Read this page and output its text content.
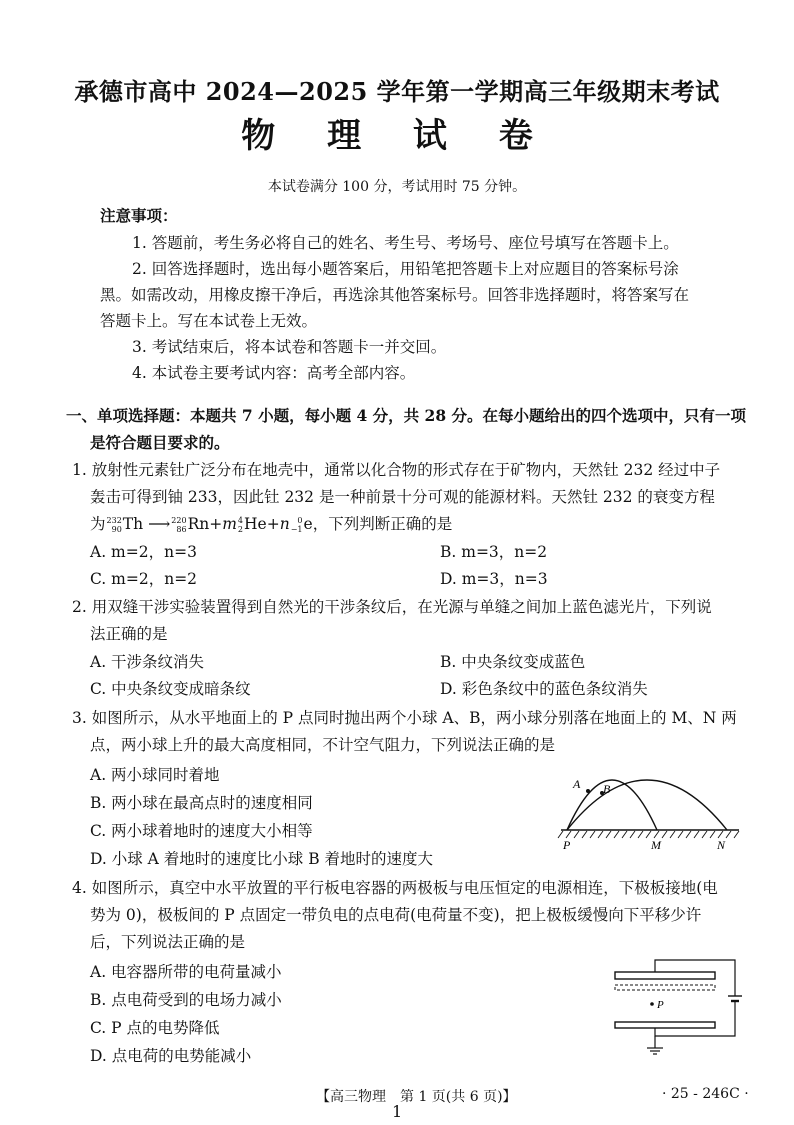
承德市高中 2024—2025 学年第一学期高三年级期末考试
物 理 试 卷
本试卷满分 100 分，考试用时 75 分钟。
注意事项：
1. 答题前，考生务必将自己的姓名、考生号、考场号、座位号填写在答题卡上。
2. 回答选择题时，选出每小题答案后，用铅笔把答题卡上对应题目的答案标号涂
黑。如需改动，用橡皮擦干净后，再选涂其他答案标号。回答非选择题时，将答案写在
答题卡上。写在本试卷上无效。
3. 考试结束后，将本试卷和答题卡一并交回。
4. 本试卷主要考试内容：高考全部内容。
一、单项选择题：本题共 7 小题，每小题 4 分，共 28 分。在每小题给出的四个选项中，只有一项
是符合题目要求的。
1. 放射性元素钍广泛分布在地壳中，通常以化合物的形式存在于矿物内，天然钍 232 经过中子
轰击可得到铀 233，因此钍 232 是一种前景十分可观的能源材料。天然钍 232 的衰变方程
为 232
90 Th ⟶ 220
86 Rn+m 4
2 He+n 0
−1 e，下列判断正确的是
A. m=2，n=3	B. m=3，n=2
C. m=2，n=2	D. m=3，n=3
2. 用双缝干涉实验装置得到自然光的干涉条纹后，在光源与单缝之间加上蓝色滤光片，下列说
法正确的是
A. 干涉条纹消失	B. 中央条纹变成蓝色
C. 中央条纹变成暗条纹	D. 彩色条纹中的蓝色条纹消失
3. 如图所示，从水平地面上的 P 点同时抛出两个小球 A、B，两小球分别落在地面上的 M、N 两
点，两小球上升的最大高度相同，不计空气阻力，下列说法正确的是
A. 两小球同时着地
B. 两小球在最高点时的速度相同
C. 两小球着地时的速度大小相等
D. 小球 A 着地时的速度比小球 B 着地时的速度大
A B
P	M	N
4. 如图所示，真空中水平放置的平行板电容器的两极板与电压恒定的电源相连，下极板接地(电
势为 0)，极板间的 P 点固定一带负电的点电荷(电荷量不变)，把上极板缓慢向下平移少许
后，下列说法正确的是
A. 电容器所带的电荷量减小
B. 点电荷受到的电场力减小
C. P 点的电势降低
D. 点电荷的电势能减小
P
【高三物理　第 1 页(共 6 页)】	· 25 - 246C ·
1
